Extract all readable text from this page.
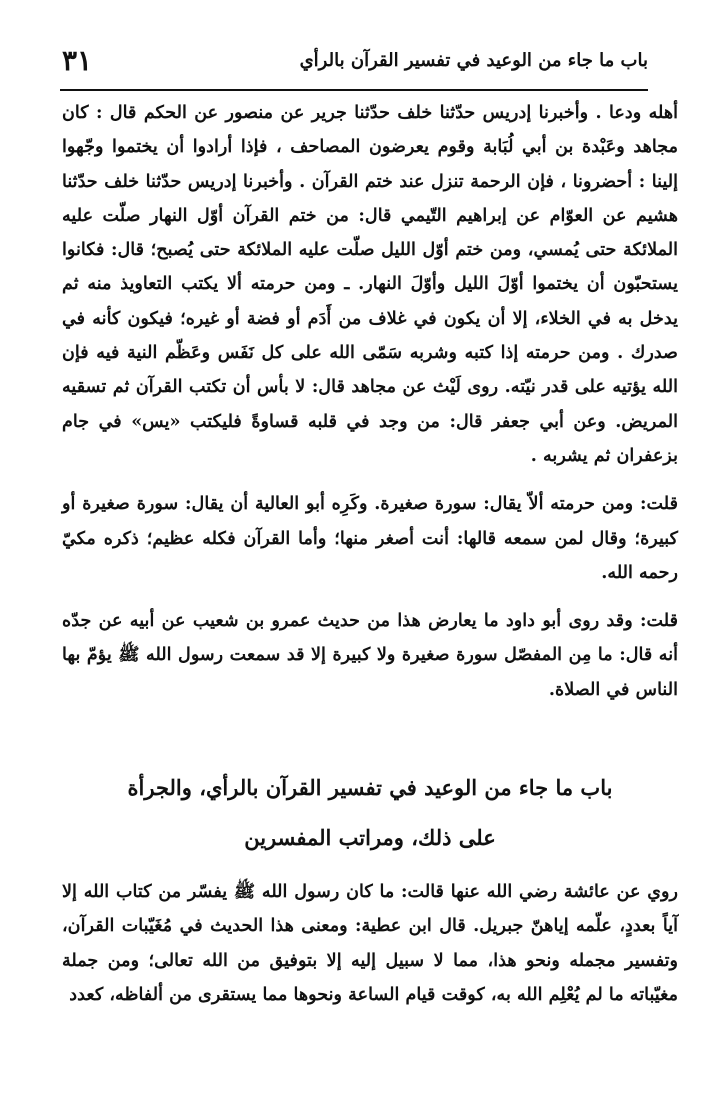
باب ما جاء من الوعيد في تفسير القرآن بالرأي
٣١

أهله ودعا . وأخبرنا إدريس حدّثنا خلف حدّثنا جرير عن منصور عن الحكم قال : كان مجاهد وعَبْدة بن أبي لُبَابة وقوم يعرضون المصاحف ، فإذا أرادوا أن يختموا وجّهوا إلينا : أحضرونا ، فإن الرحمة تنزل عند ختم القرآن . وأخبرنا إدريس حدّثنا خلف حدّثنا هشيم عن العوّام عن إبراهيم التّيمي قال: من ختم القرآن أوّل النهار صلّت عليه الملائكة حتى يُمسي، ومن ختم أوّل الليل صلّت عليه الملائكة حتى يُصبح؛ قال: فكانوا يستحبّون أن يختموا أوّلَ الليل وأوّلَ النهار. ـ ومن حرمته ألا يكتب التعاويذ منه ثم يدخل به في الخلاء، إلا أن يكون في غلاف من أَدَم أو فضة أو غيره؛ فيكون كأنه في صدرك . ومن حرمته إذا كتبه وشربه سَمّى الله على كل نَفَس وعَظّم النية فيه فإن الله يؤتيه على قدر نيّته. روى لَيْث عن مجاهد قال: لا بأس أن تكتب القرآن ثم تسقيه المريض. وعن أبي جعفر قال: من وجد في قلبه قساوةً فليكتب «يس» في جام بزعفران ثم يشربه .

قلت: ومن حرمته ألاّ يقال: سورة صغيرة. وكَرِه أبو العالية أن يقال: سورة صغيرة أو كبيرة؛ وقال لمن سمعه قالها: أنت أصغر منها؛ وأما القرآن فكله عظيم؛ ذكره مكيّ رحمه الله.

قلت: وقد روى أبو داود ما يعارض هذا من حديث عمرو بن شعيب عن أبيه عن جدّه أنه قال: ما مِن المفصّل سورة صغيرة ولا كبيرة إلا قد سمعت رسول الله ﷺ يؤمّ بها الناس في الصلاة.

باب ما جاء من الوعيد في تفسير القرآن بالرأي، والجرأة
على ذلك، ومراتب المفسرين

روي عن عائشة رضي الله عنها قالت: ما كان رسول الله ﷺ يفسّر من كتاب الله إلا آياً بعددٍ، علّمه إياهنّ جبريل. قال ابن عطية: ومعنى هذا الحديث في مُغَيّبات القرآن، وتفسير مجمله ونحو هذا، مما لا سبيل إليه إلا بتوفيق من الله تعالى؛ ومن جملة مغيّباته ما لم يُعْلِم الله به، كوقت قيام الساعة ونحوها مما يستقرى من ألفاظه، كعدد
